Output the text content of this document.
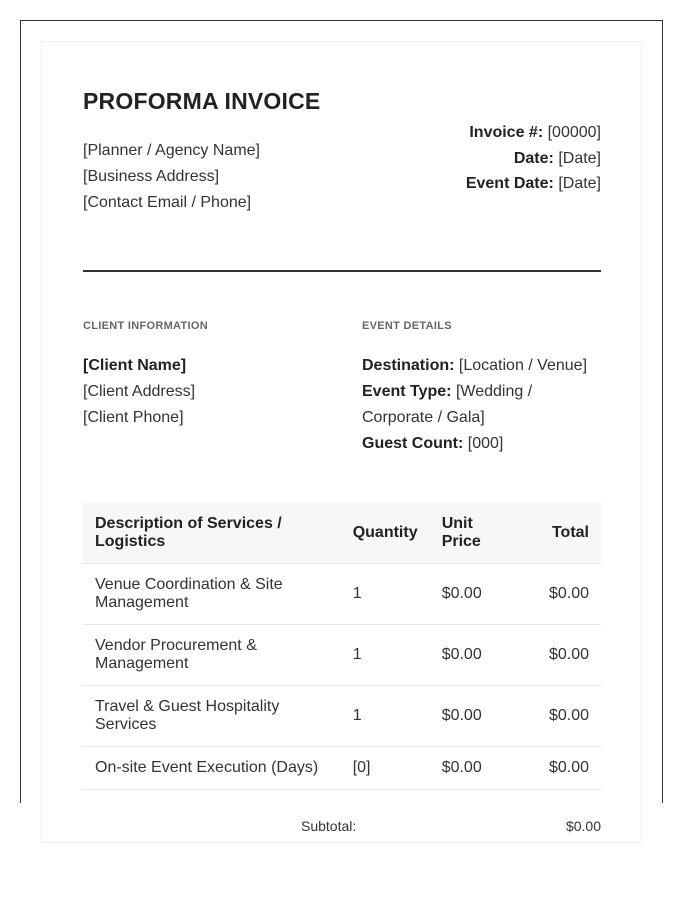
PROFORMA INVOICE
[Planner / Agency Name]
[Business Address]
[Contact Email / Phone]
Invoice #: [00000]
Date: [Date]
Event Date: [Date]
CLIENT INFORMATION	EVENT DETAILS
[Client Name]
[Client Address]
[Client Phone]
Destination: [Location / Venue]
Event Type: [Wedding / Corporate / Gala]
Guest Count: [000]
Description of Services / Logistics	Quantity	Unit Price	Total
Venue Coordination & Site Management	1	$0.00	$0.00
Vendor Procurement & Management	1	$0.00	$0.00
Travel & Guest Hospitality Services	1	$0.00	$0.00
On-site Event Execution (Days)	[0]	$0.00	$0.00
Subtotal:	$0.00
